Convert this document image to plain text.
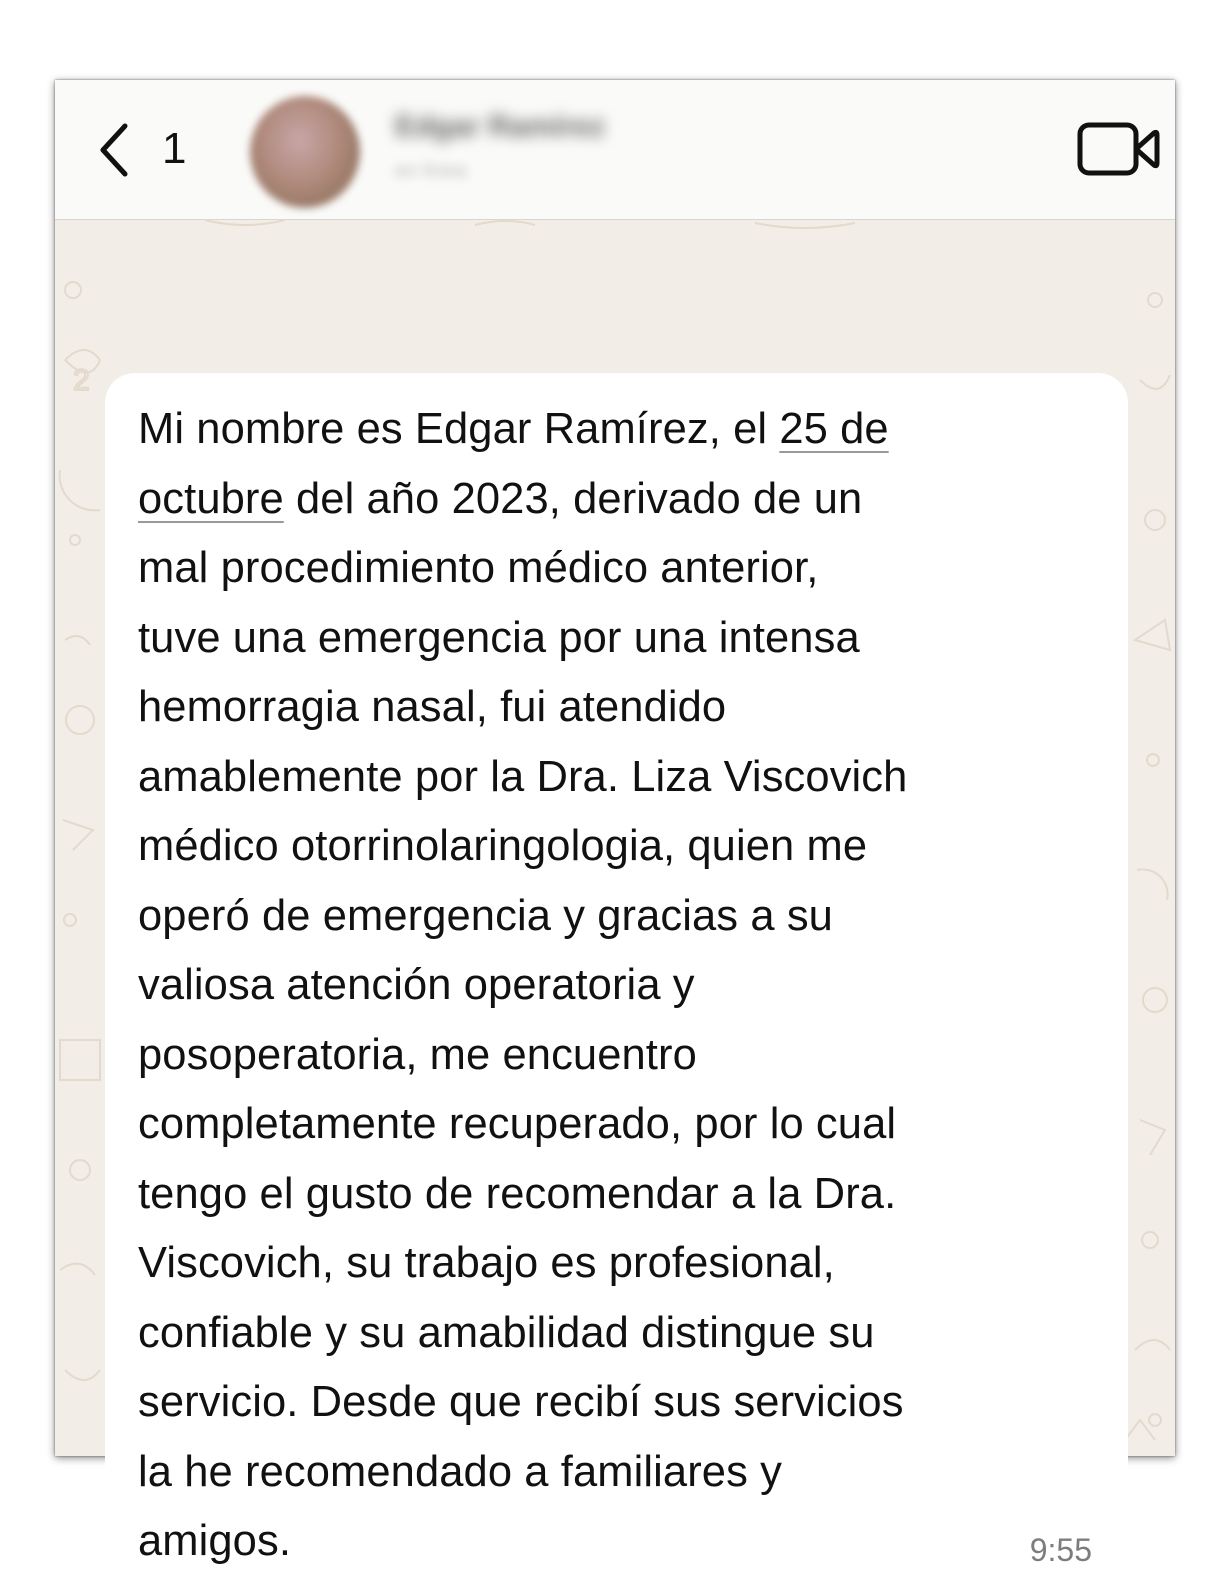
1	Edgar Ramírez
en línea
2
Mi nombre es Edgar Ramírez, el 25 de
octubre del año 2023, derivado de un
mal procedimiento médico anterior,
tuve una emergencia por una intensa
hemorragia nasal, fui atendido
amablemente por la Dra. Liza Viscovich
médico otorrinolaringologia, quien me
operó de emergencia y gracias a su
valiosa atención operatoria y
posoperatoria, me encuentro
completamente recuperado, por lo cual
tengo el gusto de recomendar a la Dra.
Viscovich, su trabajo es profesional,
confiable y su amabilidad distingue su
servicio. Desde que recibí sus servicios
la he recomendado a familiares y
amigos.	9:55
